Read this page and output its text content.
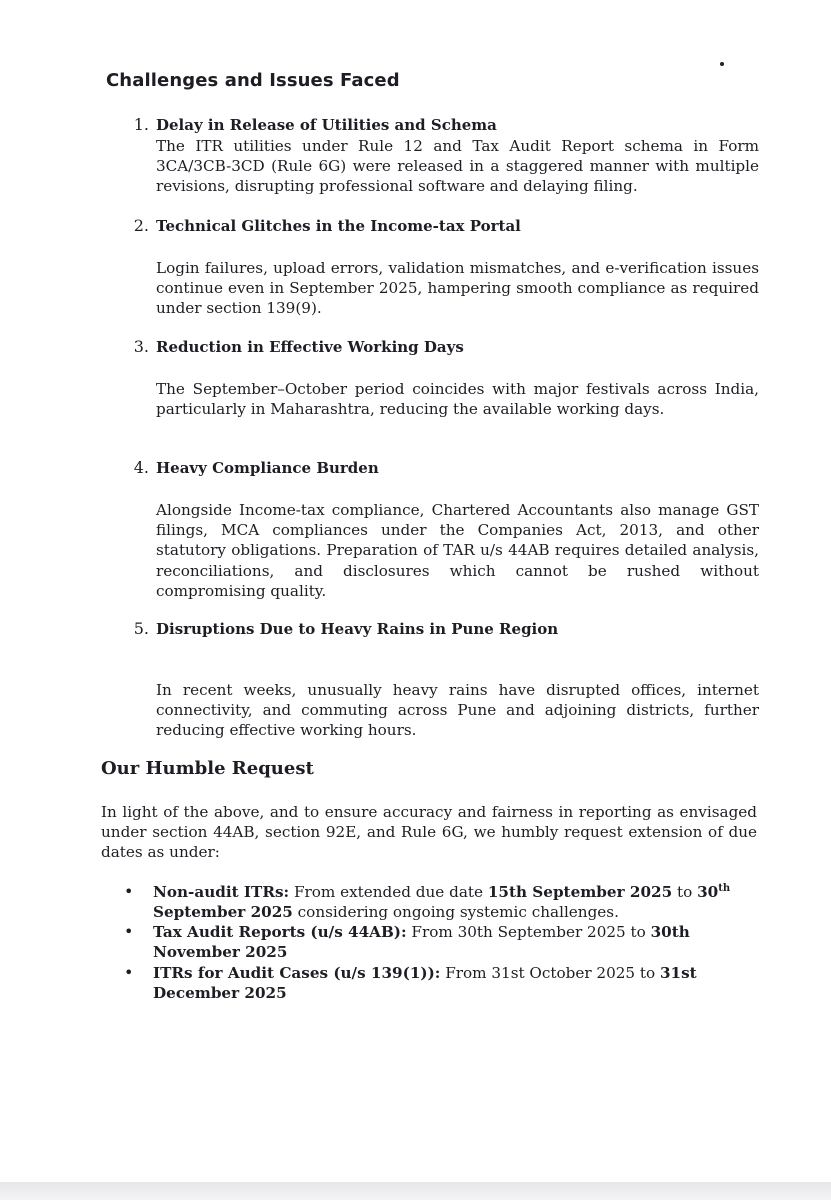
Challenges and Issues Faced
1. Delay in Release of Utilities and Schema

The ITR utilities under Rule 12 and Tax Audit Report schema in Form 3CA/3CB-3CD (Rule 6G) were released in a staggered manner with multiple revisions, disrupting professional software and delaying filing.

2. Technical Glitches in the Income-tax Portal

Login failures, upload errors, validation mismatches, and e-verification issues continue even in September 2025, hampering smooth compliance as required under section 139(9).

3. Reduction in Effective Working Days

The September–October period coincides with major festivals across India, particularly in Maharashtra, reducing the available working days.

4. Heavy Compliance Burden

Alongside Income-tax compliance, Chartered Accountants also manage GST filings, MCA compliances under the Companies Act, 2013, and other statutory obligations. Preparation of TAR u/s 44AB requires detailed analysis, reconciliations, and disclosures which cannot be rushed without compromising quality.

5. Disruptions Due to Heavy Rains in Pune Region

In recent weeks, unusually heavy rains have disrupted offices, internet connectivity, and commuting across Pune and adjoining districts, further reducing effective working hours.

Our Humble Request

In light of the above, and to ensure accuracy and fairness in reporting as envisaged under section 44AB, section 92E, and Rule 6G, we humbly request extension of due dates as under:

• Non-audit ITRs: From extended due date 15th September 2025 to 30th September 2025 considering ongoing systemic challenges.

• Tax Audit Reports (u/s 44AB): From 30th September 2025 to 30th November 2025

• ITRs for Audit Cases (u/s 139(1)): From 31st October 2025 to 31st December 2025
